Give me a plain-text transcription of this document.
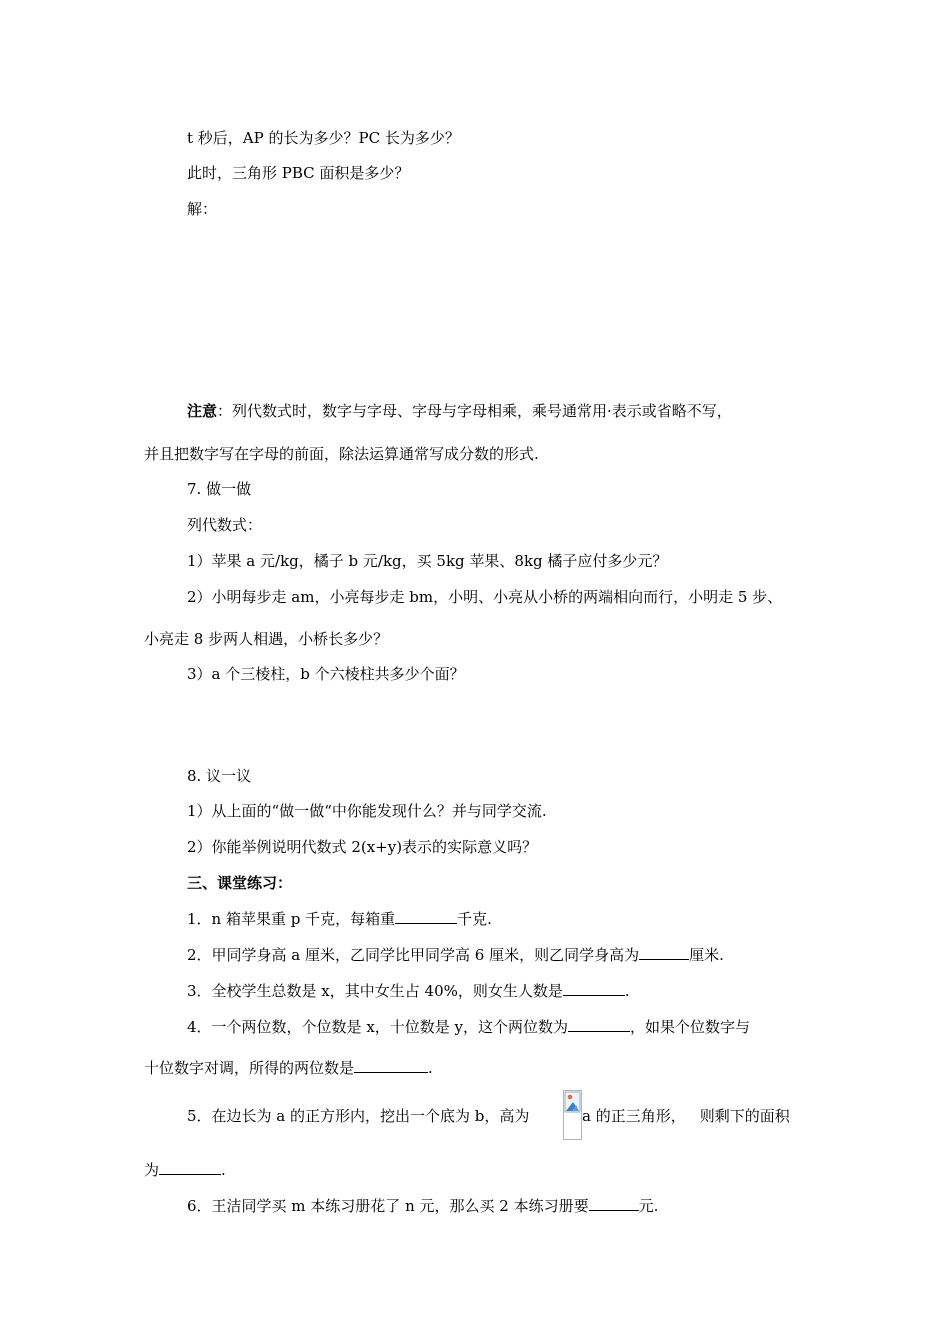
t 秒后，AP 的长为多少？PC 长为多少？
此时，三角形 PBC 面积是多少？
解：
注意：列代数式时，数字与字母、字母与字母相乘，乘号通常用·表示或省略不写，
并且把数字写在字母的前面，除法运算通常写成分数的形式.
7. 做一做
列代数式：
1）苹果 a 元/kg，橘子 b 元/kg，买 5kg 苹果、8kg 橘子应付多少元？
2）小明每步走 am，小亮每步走 bm，小明、小亮从小桥的两端相向而行，小明走 5 步、
小亮走 8 步两人相遇，小桥长多少？
3）a 个三棱柱，b 个六棱柱共多少个面？
8. 议一议
1）从上面的“做一做“中你能发现什么？并与同学交流.
2）你能举例说明代数式 2(x+y)表示的实际意义吗？
三、课堂练习：
1．n 箱苹果重 p 千克，每箱重	千克.
2．甲同学身高 a 厘米，乙同学比甲同学高 6 厘米，则乙同学身高为	厘米.
3．全校学生总数是 x，其中女生占 40%，则女生人数是	.
4．一个两位数，个位数是 x，十位数是 y，这个两位数为	，如果个位数字与
十位数字对调，所得的两位数是	.
5．在边长为 a 的正方形内，挖出一个底为 b，高为	a 的正三角形， 则剩下的面积
为	.
6．王洁同学买 m 本练习册花了 n 元，那么买 2 本练习册要	元.
